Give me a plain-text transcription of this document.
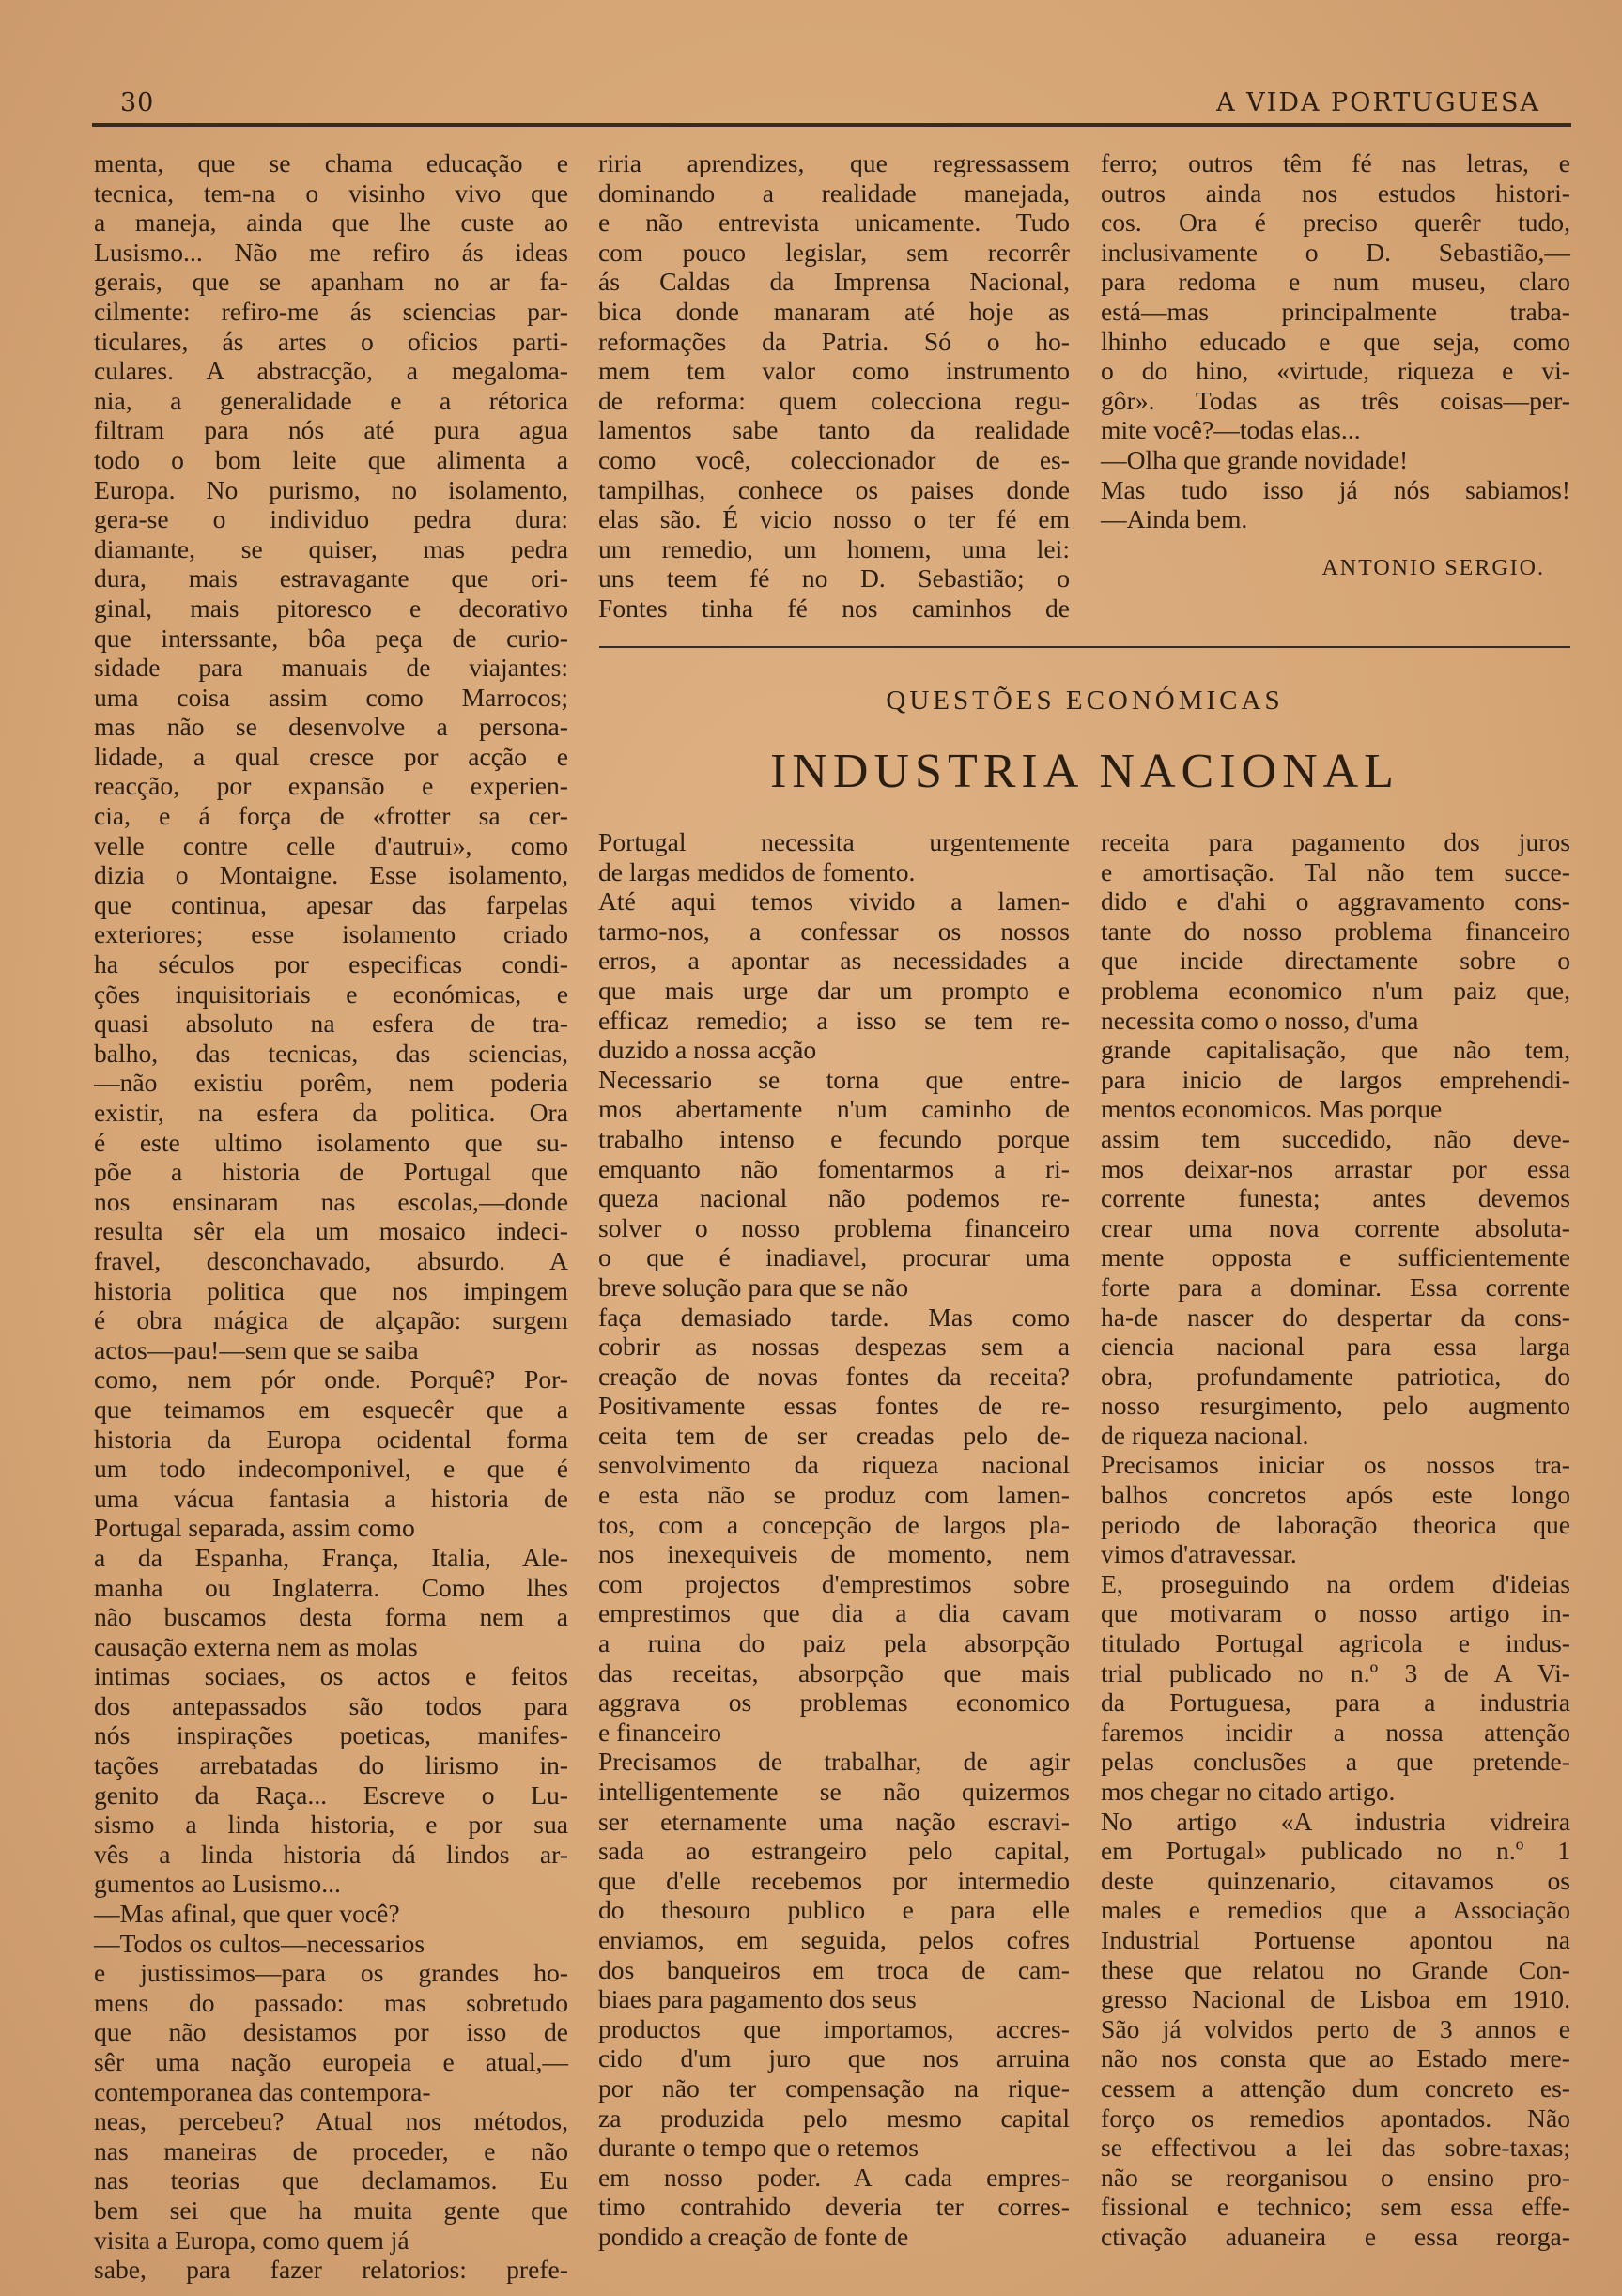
30	A VIDA PORTUGUESA

menta, que se chama educação e

tecnica, tem-na o visinho vivo que

a maneja, ainda que lhe custe ao

Lusismo... Não me refiro ás ideas

gerais, que se apanham no ar fa-

cilmente: refiro-me ás sciencias par-

ticulares, ás artes o oficios parti-

culares. A abstracção, a megaloma-

nia, a generalidade e a rétorica

filtram para nós até pura agua

todo o bom leite que alimenta a

Europa. No purismo, no isolamento,

gera-se o individuo pedra dura:

diamante, se quiser, mas pedra

dura, mais estravagante que ori-

ginal, mais pitoresco e decorativo

que interssante, bôa peça de curio-

sidade para manuais de viajantes:

uma coisa assim como Marrocos;

mas não se desenvolve a persona-

lidade, a qual cresce por acção e

reacção, por expansão e experien-

cia, e á força de «frotter sa cer-

velle contre celle d'autrui», como

dizia o Montaigne. Esse isolamento,

que continua, apesar das farpelas

exteriores; esse isolamento criado

ha séculos por especificas condi-

ções inquisitoriais e económicas, e

quasi absoluto na esfera de tra-

balho, das tecnicas, das sciencias,

—não existiu porêm, nem poderia

existir, na esfera da politica. Ora

é este ultimo isolamento que su-

põe a historia de Portugal que

nos ensinaram nas escolas,—donde

resulta sêr ela um mosaico indeci-

fravel, desconchavado, absurdo. A

historia politica que nos impingem

é obra mágica de alçapão: surgem

actos—pau!—sem que se saiba

como, nem pór onde. Porquê? Por-

que teimamos em esquecêr que a

historia da Europa ocidental forma

um todo indecomponivel, e que é

uma vácua fantasia a historia de

Portugal separada, assim como

a da Espanha, França, Italia, Ale-

manha ou Inglaterra. Como lhes

não buscamos desta forma nem a

causação externa nem as molas

intimas sociaes, os actos e feitos

dos antepassados são todos para

nós inspirações poeticas, manifes-

tações arrebatadas do lirismo in-

genito da Raça... Escreve o Lu-

sismo a linda historia, e por sua

vês a linda historia dá lindos ar-

gumentos ao Lusismo...

—Mas afinal, que quer você?

—Todos os cultos—necessarios

e justissimos—para os grandes ho-

mens do passado: mas sobretudo

que não desistamos por isso de

sêr uma nação europeia e atual,—

contemporanea das contempora-

neas, percebeu? Atual nos métodos,

nas maneiras de proceder, e não

nas teorias que declamamos. Eu

bem sei que ha muita gente que

visita a Europa, como quem já

sabe, para fazer relatorios: prefe-

riria aprendizes, que regressassem

dominando a realidade manejada,

e não entrevista unicamente. Tudo

com pouco legislar, sem recorrêr

ás Caldas da Imprensa Nacional,

bica donde manaram até hoje as

reformações da Patria. Só o ho-

mem tem valor como instrumento

de reforma: quem colecciona regu-

lamentos sabe tanto da realidade

como você, coleccionador de es-

tampilhas, conhece os paises donde

elas são. É vicio nosso o ter fé em

um remedio, um homem, uma lei:

uns teem fé no D. Sebastião; o

Fontes tinha fé nos caminhos de

ferro; outros têm fé nas letras, e

outros ainda nos estudos histori-

cos. Ora é preciso querêr tudo,

inclusivamente o D. Sebastião,—

para redoma e num museu, claro

está—mas principalmente traba-

lhinho educado e que seja, como

o do hino, «virtude, riqueza e vi-

gôr». Todas as três coisas—per-

mite você?—todas elas...

—Olha que grande novidade!

Mas tudo isso já nós sabiamos!

—Ainda bem.

ANTONIO SERGIO.
QUESTÕES ECONÓMICAS
INDUSTRIA NACIONAL

Portugal necessita urgentemente

de largas medidos de fomento.

Até aqui temos vivido a lamen-

tarmo-nos, a confessar os nossos

erros, a apontar as necessidades a

que mais urge dar um prompto e

efficaz remedio; a isso se tem re-

duzido a nossa acção

Necessario se torna que entre-

mos abertamente n'um caminho de

trabalho intenso e fecundo porque

emquanto não fomentarmos a ri-

queza nacional não podemos re-

solver o nosso problema financeiro

o que é inadiavel, procurar uma

breve solução para que se não

faça demasiado tarde. Mas como

cobrir as nossas despezas sem a

creação de novas fontes da receita?

Positivamente essas fontes de re-

ceita tem de ser creadas pelo de-

senvolvimento da riqueza nacional

e esta não se produz com lamen-

tos, com a concepção de largos pla-

nos inexequiveis de momento, nem

com projectos d'emprestimos sobre

emprestimos que dia a dia cavam

a ruina do paiz pela absorpção

das receitas, absorpção que mais

aggrava os problemas economico

e financeiro

Precisamos de trabalhar, de agir

intelligentemente se não quizermos

ser eternamente uma nação escravi-

sada ao estrangeiro pelo capital,

que d'elle recebemos por intermedio

do thesouro publico e para elle

enviamos, em seguida, pelos cofres

dos banqueiros em troca de cam-

biaes para pagamento dos seus

productos que importamos, accres-

cido d'um juro que nos arruina

por não ter compensação na rique-

za produzida pelo mesmo capital

durante o tempo que o retemos

em nosso poder. A cada empres-

timo contrahido deveria ter corres-

pondido a creação de fonte de

receita para pagamento dos juros

e amortisação. Tal não tem succe-

dido e d'ahi o aggravamento cons-

tante do nosso problema financeiro

que incide directamente sobre o

problema economico n'um paiz que,

necessita como o nosso, d'uma

grande capitalisação, que não tem,

para inicio de largos emprehendi-

mentos economicos. Mas porque

assim tem succedido, não deve-

mos deixar-nos arrastar por essa

corrente funesta; antes devemos

crear uma nova corrente absoluta-

mente opposta e sufficientemente

forte para a dominar. Essa corrente

ha-de nascer do despertar da cons-

ciencia nacional para essa larga

obra, profundamente patriotica, do

nosso resurgimento, pelo augmento

de riqueza nacional.

Precisamos iniciar os nossos tra-

balhos concretos após este longo

periodo de laboração theorica que

vimos d'atravessar.

E, proseguindo na ordem d'ideias

que motivaram o nosso artigo in-

titulado Portugal agricola e indus-

trial publicado no n.º 3 de A Vi-

da Portuguesa, para a industria

faremos incidir a nossa attenção

pelas conclusões a que pretende-

mos chegar no citado artigo.

No artigo «A industria vidreira

em Portugal» publicado no n.º 1

deste quinzenario, citavamos os

males e remedios que a Associação

Industrial Portuense apontou na

these que relatou no Grande Con-

gresso Nacional de Lisboa em 1910.

São já volvidos perto de 3 annos e

não nos consta que ao Estado mere-

cessem a attenção dum concreto es-

forço os remedios apontados. Não

se effectivou a lei das sobre-taxas;

não se reorganisou o ensino pro-

fissional e technico; sem essa effe-

ctivação aduaneira e essa reorga-
